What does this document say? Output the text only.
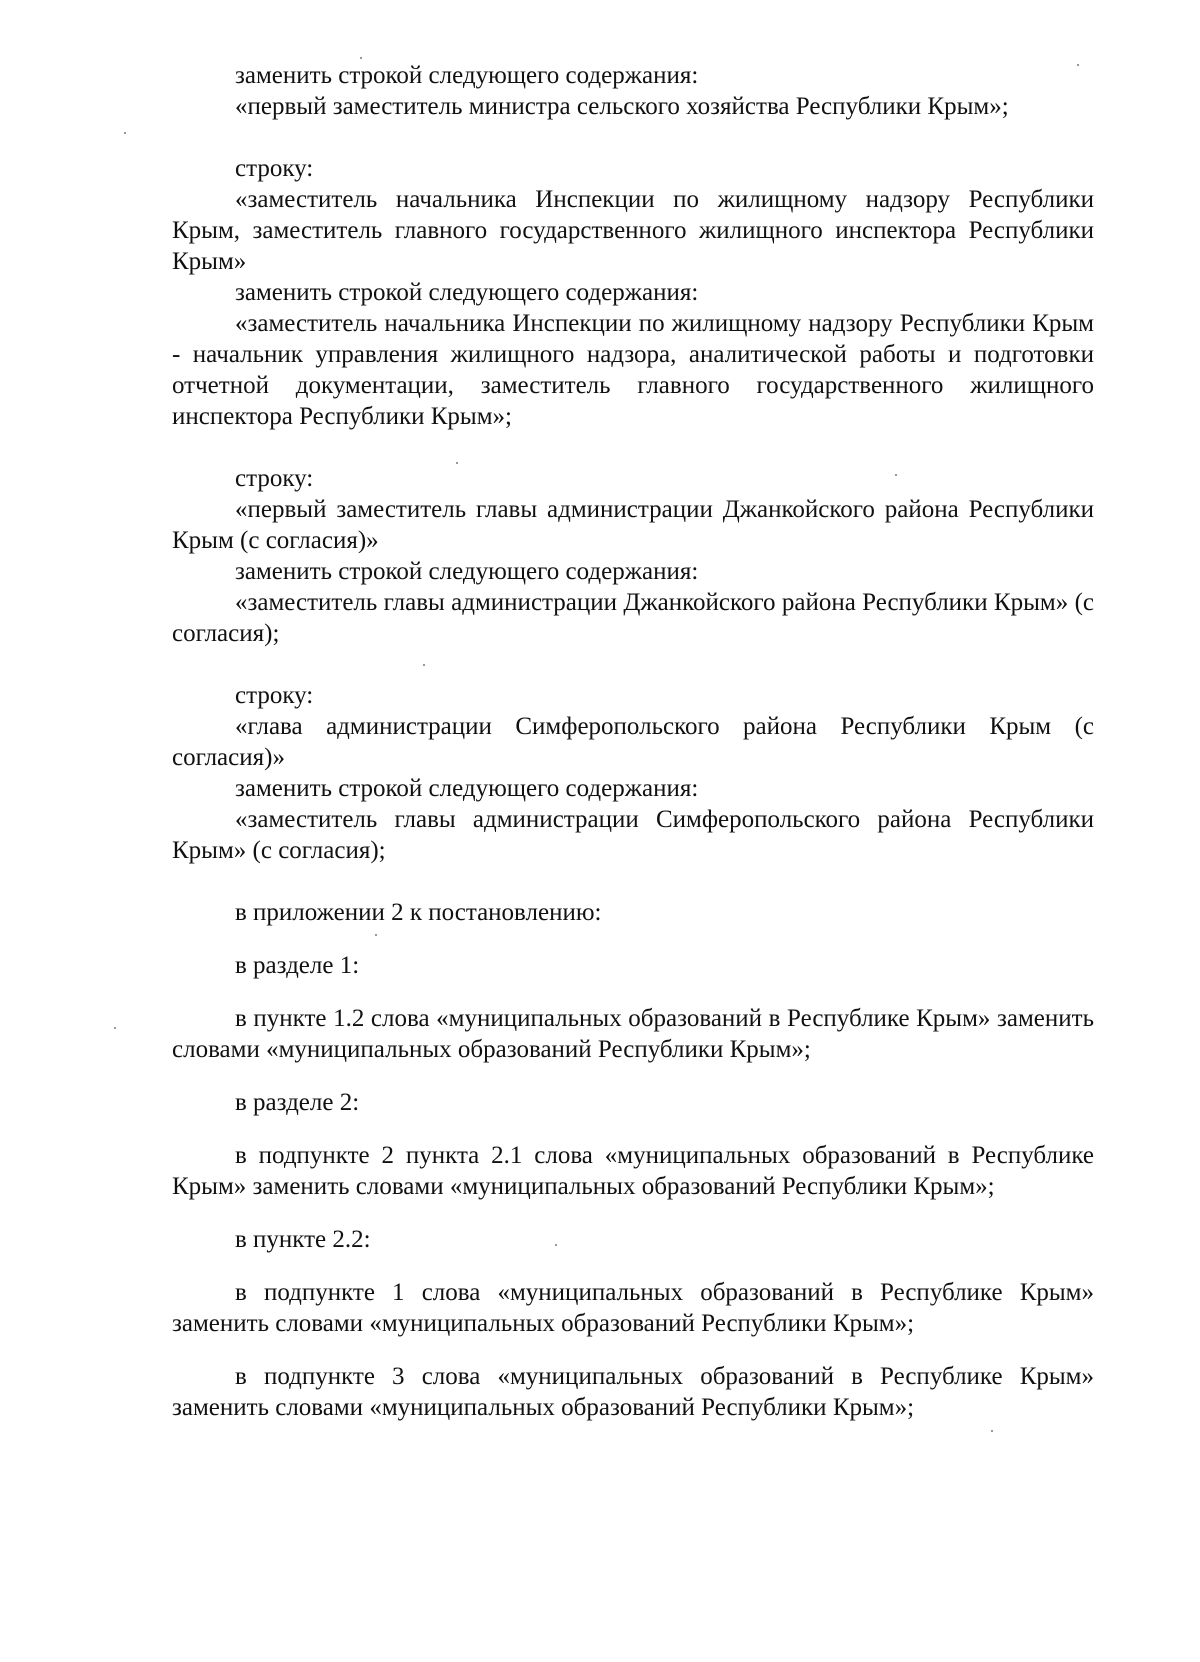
заменить строкой следующего содержания:

«первый заместитель министра сельского хозяйства Республики Крым»;

строку:

«заместитель начальника Инспекции по жилищному надзору Республики Крым, заместитель главного государственного жилищного инспектора Республики Крым»

заменить строкой следующего содержания:

«заместитель начальника Инспекции по жилищному надзору Республики Крым - начальник управления жилищного надзора, аналитической работы и подготовки отчетной документации, заместитель главного государственного жилищного инспектора Республики Крым»;

строку:

«первый заместитель главы администрации Джанкойского района Республики Крым (с согласия)»

заменить строкой следующего содержания:

«заместитель главы администрации Джанкойского района Республики Крым» (с согласия);

строку:

«глава администрации Симферопольского района Республики Крым (с согласия)»

заменить строкой следующего содержания:

«заместитель главы администрации Симферопольского района Республики Крым» (с согласия);

в приложении 2 к постановлению:

в разделе 1:

в пункте 1.2 слова «муниципальных образований в Республике Крым» заменить словами «муниципальных образований Республики Крым»;

в разделе 2:

в подпункте 2 пункта 2.1 слова «муниципальных образований в Республике Крым» заменить словами «муниципальных образований Республики Крым»;

в пункте 2.2:

в подпункте 1 слова «муниципальных образований в Республике Крым» заменить словами «муниципальных образований Республики Крым»;

в подпункте 3 слова «муниципальных образований в Республике Крым» заменить словами «муниципальных образований Республики Крым»;
